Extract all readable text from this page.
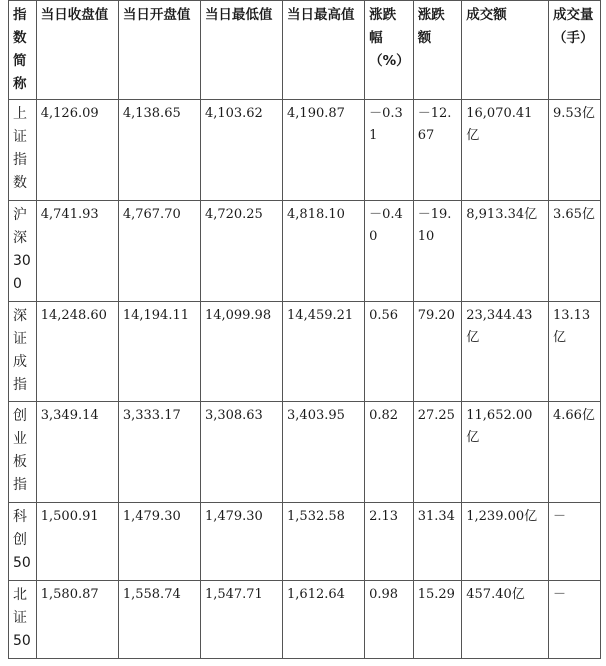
指数简称	当日收盘值	当日开盘值	当日最低值	当日最高值	涨跌幅（%）	涨跌额	成交额	成交量（手）
上证指数	4,126.09	4,138.65	4,103.62	4,190.87	－0.31	－12.67	16,070.41亿	9.53亿
沪深300	4,741.93	4,767.70	4,720.25	4,818.10	－0.40	－19.10	8,913.34亿	3.65亿
深证成指	14,248.60	14,194.11	14,099.98	14,459.21	0.56	79.20	23,344.43亿	13.13亿
创业板指	3,349.14	3,333.17	3,308.63	3,403.95	0.82	27.25	11,652.00亿	4.66亿
科创50	1,500.91	1,479.30	1,479.30	1,532.58	2.13	31.34	1,239.00亿	－
北证50	1,580.87	1,558.74	1,547.71	1,612.64	0.98	15.29	457.40亿	－
